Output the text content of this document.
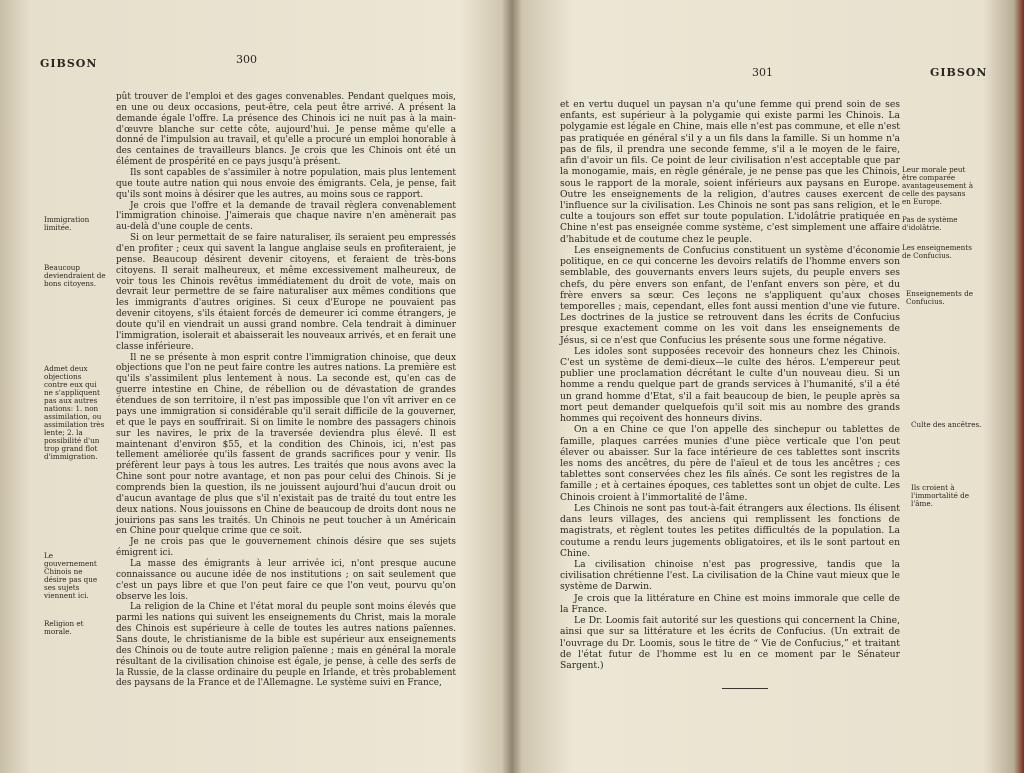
GIBSON	300
Immigration limitée.
Beaucoup deviendraient de bons citoyens.
Admet deux objections contre eux qui ne s'appliquent pas aux autres nations: 1. non assimilation, ou assimilation très lente; 2. la possibilité d'un trop grand flot d'immigration.
Le gouvernement Chinois ne désire pas que ses sujets viennent ici.
Religion et morale.

pût trouver de l'emploi et des gages convenables. Pendant quelques mois, en une ou deux occasions, peut-être, cela peut être arrivé. A présent la demande égale l'offre. La présence des Chinois ici ne nuit pas à la main-d'œuvre blanche sur cette côte, aujourd'hui. Je pense même qu'elle a donné de l'impulsion au travail, et qu'elle a procuré un emploi honorable à des centaines de travailleurs blancs. Je crois que les Chinois ont été un élément de prospérité en ce pays jusqu'à présent.

Ils sont capables de s'assimiler à notre population, mais plus lentement que toute autre nation qui nous envoie des émigrants. Cela, je pense, fait qu'ils sont moins à désirer que les autres, au moins sous ce rapport.

Je crois que l'offre et la demande de travail règlera convenablement l'immigration chinoise. J'aimerais que chaque navire n'en amènerait pas au-delà d'une couple de cents.

Si on leur permettait de se faire naturaliser, ils seraient peu empressés d'en profiter ; ceux qui savent la langue anglaise seuls en profiteraient, je pense. Beaucoup désirent devenir citoyens, et feraient de très-bons citoyens. Il serait malheureux, et même excessivement malheureux, de voir tous les Chinois revêtus immédiatement du droit de vote, mais on devrait leur permettre de se faire naturaliser aux mêmes conditions que les immigrants d'autres origines. Si ceux d'Europe ne pouvaient pas devenir citoyens, s'ils étaient forcés de demeurer ici comme étrangers, je doute qu'il en viendrait un aussi grand nombre. Cela tendrait à diminuer l'immigration, isolerait et abaisserait les nouveaux arrivés, et en ferait une classe inférieure.

Il ne se présente à mon esprit contre l'immigration chinoise, que deux objections que l'on ne peut faire contre les autres nations. La première est qu'ils s'assimilent plus lentement à nous. La seconde est, qu'en cas de guerre intestine en Chine, de rébellion ou de dévastation de grandes étendues de son territoire, il n'est pas impossible que l'on vît arriver en ce pays une immigration si considérable qu'il serait difficile de la gouverner, et que le pays en souffrirait. Si on limite le nombre des passagers chinois sur les navires, le prix de la traversée deviendra plus élevé. Il est maintenant d'environ $55, et la condition des Chinois, ici, n'est pas tellement améliorée qu'ils fassent de grands sacrifices pour y venir. Ils préfèrent leur pays à tous les autres. Les traités que nous avons avec la Chine sont pour notre avantage, et non pas pour celui des Chinois. Si je comprends bien la question, ils ne jouissent aujourd'hui d'aucun droit ou d'aucun avantage de plus que s'il n'existait pas de traité du tout entre les deux nations. Nous jouissons en Chine de beaucoup de droits dont nous ne jouirions pas sans les traités. Un Chinois ne peut toucher à un Américain en Chine pour quelque crime que ce soit.

Je ne crois pas que le gouvernement chinois désire que ses sujets émigrent ici.

La masse des émigrants à leur arrivée ici, n'ont presque aucune connaissance ou aucune idée de nos institutions ; on sait seulement que c'est un pays libre et que l'on peut faire ce que l'on veut, pourvu qu'on observe les lois.

La religion de la Chine et l'état moral du peuple sont moins élevés que parmi les nations qui suivent les enseignements du Christ, mais la morale des Chinois est supérieure à celle de toutes les autres nations païennes. Sans doute, le christianisme de la bible est supérieur aux enseignements des Chinois ou de toute autre religion païenne ; mais en général la morale résultant de la civilisation chinoise est égale, je pense, à celle des serfs de la Russie, de la classe ordinaire du peuple en Irlande, et très probablement des paysans de la France et de l'Allemagne. Le système suivi en France,

301	GIBSON
Leur morale peut être comparée avantageusement à celle des paysans en Europe.
Pas de système d'idolâtrie.
Les enseignements de Confucius.
Enseignements de Confucius.
Culte des ancêtres.
Ils croient à l'immortalité de l'âme.

et en vertu duquel un paysan n'a qu'une femme qui prend soin de ses enfants, est supérieur à la polygamie qui existe parmi les Chinois. La polygamie est légale en Chine, mais elle n'est pas commune, et elle n'est pas pratiquée en général s'il y a un fils dans la famille. Si un homme n'a pas de fils, il prendra une seconde femme, s'il a le moyen de le faire, afin d'avoir un fils. Ce point de leur civilisation n'est acceptable que par la monogamie, mais, en règle générale, je ne pense pas que les Chinois, sous le rapport de la morale, soient inférieurs aux paysans en Europe. Outre les enseignements de la religion, d'autres causes exercent de l'influence sur la civilisation. Les Chinois ne sont pas sans religion, et le culte a toujours son effet sur toute population. L'idolâtrie pratiquée en Chine n'est pas enseignée comme système, c'est simplement une affaire d'habitude et de coutume chez le peuple.

Les enseignements de Confucius constituent un système d'économie politique, en ce qui concerne les devoirs relatifs de l'homme envers son semblable, des gouvernants envers leurs sujets, du peuple envers ses chefs, du père envers son enfant, de l'enfant envers son père, et du frère envers sa sœur. Ces leçons ne s'appliquent qu'aux choses temporelles ; mais, cependant, elles font aussi mention d'une vie future. Les doctrines de la justice se retrouvent dans les écrits de Confucius presque exactement comme on les voit dans les enseignements de Jésus, si ce n'est que Confucius les présente sous une forme négative.

Les idoles sont supposées recevoir des honneurs chez les Chinois. C'est un système de demi-dieux—le culte des héros. L'empereur peut publier une proclamation décrétant le culte d'un nouveau dieu. Si un homme a rendu quelque part de grands services à l'humanité, s'il a été un grand homme d'Etat, s'il a fait beaucoup de bien, le peuple après sa mort peut demander quelquefois qu'il soit mis au nombre des grands hommes qui reçoivent des honneurs divins.

On a en Chine ce que l'on appelle des sinchepur ou tablettes de famille, plaques carrées munies d'une pièce verticale que l'on peut élever ou abaisser. Sur la face intérieure de ces tablettes sont inscrits les noms des ancêtres, du père de l'aïeul et de tous les ancêtres ; ces tablettes sont conservées chez les fils aînés. Ce sont les registres de la famille ; et à certaines époques, ces tablettes sont un objet de culte. Les Chinois croient à l'immortalité de l'âme.

Les Chinois ne sont pas tout-à-fait étrangers aux élections. Ils élisent dans leurs villages, des anciens qui remplissent les fonctions de magistrats, et règlent toutes les petites difficultés de la population. La coutume a rendu leurs jugements obligatoires, et ils le sont partout en Chine.

La civilisation chinoise n'est pas progressive, tandis que la civilisation chrétienne l'est. La civilisation de la Chine vaut mieux que le système de Darwin.

Je crois que la littérature en Chine est moins immorale que celle de la France.

Le Dr. Loomis fait autorité sur les questions qui concernent la Chine, ainsi que sur sa littérature et les écrits de Confucius. (Un extrait de l'ouvrage du Dr. Loomis, sous le titre de “ Vie de Confucius,” et traitant de l'état futur de l'homme est lu en ce moment par le Sénateur Sargent.)
